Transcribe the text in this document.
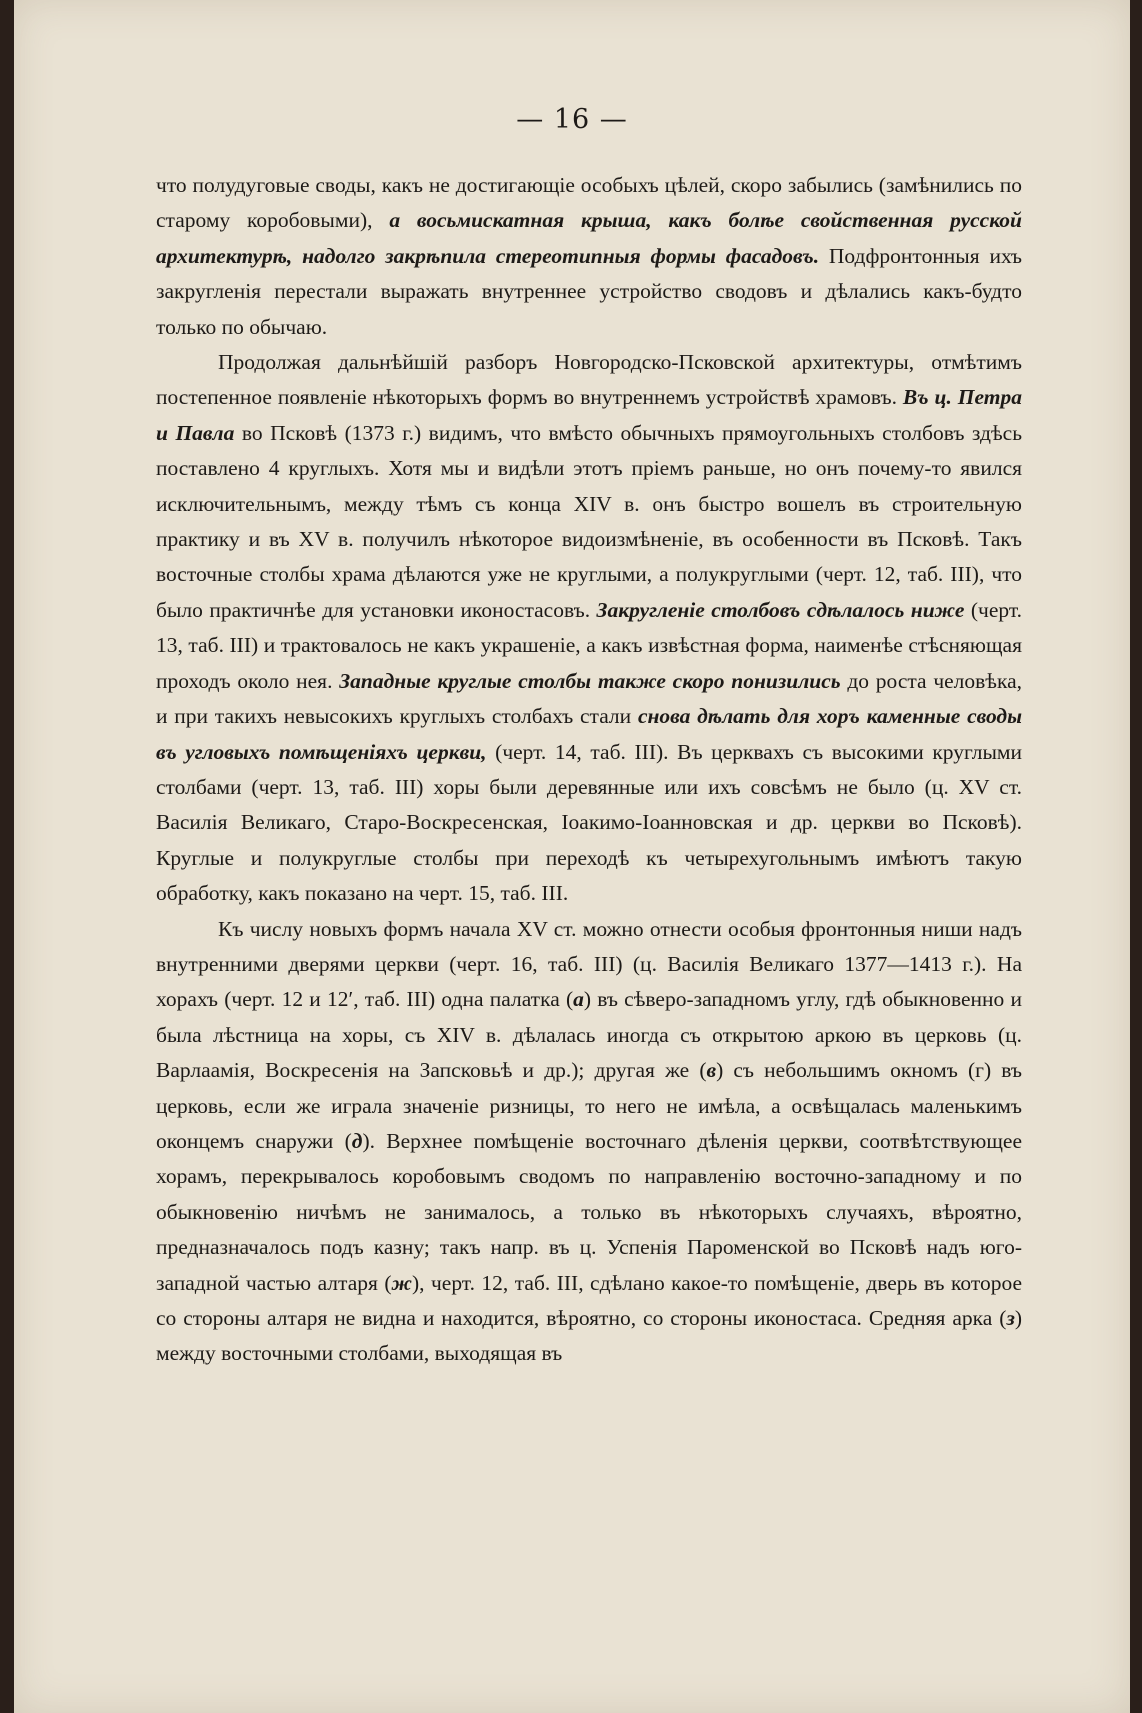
— 16 —

что полудуговые своды, какъ не достигающіе особыхъ цѣлей, скоро забылись (замѣнились по старому коробовыми), а восьмискатная крыша, какъ болѣе свойственная русской архитектурѣ, надолго закрѣпила стереотипныя формы фасадовъ. Подфронтонныя ихъ закругленія перестали выражать внутреннее устройство сводовъ и дѣлались какъ-будто только по обычаю.

Продолжая дальнѣйшій разборъ Новгородско-Псковской архитектуры, отмѣтимъ постепенное появленіе нѣкоторыхъ формъ во внутреннемъ устройствѣ храмовъ. Въ ц. Петра и Павла во Псковѣ (1373 г.) видимъ, что вмѣсто обычныхъ прямоугольныхъ столбовъ здѣсь поставлено 4 круглыхъ. Хотя мы и видѣли этотъ пріемъ раньше, но онъ почему-то явился исключительнымъ, между тѣмъ съ конца XIV в. онъ быстро вошелъ въ строительную практику и въ XV в. получилъ нѣкоторое видоизмѣненіе, въ особенности въ Псковѣ. Такъ восточные столбы храма дѣлаются уже не круглыми, а полукруглыми (черт. 12, таб. III), что было практичнѣе для установки иконостасовъ. Закругленіе столбовъ сдѣлалось ниже (черт. 13, таб. III) и трактовалось не какъ украшеніе, а какъ извѣстная форма, наименѣе стѣсняющая проходъ около нея. Западные круглые столбы также скоро понизились до роста человѣка, и при такихъ невысокихъ круглыхъ столбахъ стали снова дѣлать для хоръ каменные своды въ угловыхъ помѣщеніяхъ церкви, (черт. 14, таб. III). Въ церквахъ съ высокими круглыми столбами (черт. 13, таб. III) хоры были деревянные или ихъ совсѣмъ не было (ц. XV ст. Василія Великаго, Старо-Воскресенская, Іоакимо-Іоанновская и др. церкви во Псковѣ). Круглые и полукруглые столбы при переходѣ къ четырехугольнымъ имѣютъ такую обработку, какъ показано на черт. 15, таб. III.

Къ числу новыхъ формъ начала XV ст. можно отнести особыя фронтонныя ниши надъ внутренними дверями церкви (черт. 16, таб. III) (ц. Василія Великаго 1377—1413 г.). На хорахъ (черт. 12 и 12′, таб. III) одна палатка (а) въ сѣверо-западномъ углу, гдѣ обыкновенно и была лѣстница на хоры, съ XIV в. дѣлалась иногда съ открытою аркою въ церковь (ц. Варлаамія, Воскресенія на Запсковьѣ и др.); другая же (в) съ небольшимъ окномъ (г) въ церковь, если же играла значеніе ризницы, то него не имѣла, а освѣщалась маленькимъ оконцемъ снаружи (д). Верхнее помѣщеніе восточнаго дѣленія церкви, соотвѣтствующее хорамъ, перекрывалось коробовымъ сводомъ по направленію восточно-западному и по обыкновенію ничѣмъ не занималось, а только въ нѣкоторыхъ случаяхъ, вѣроятно, предназначалось подъ казну; такъ напр. въ ц. Успенія Пароменской во Псковѣ надъ юго-западной частью алтаря (ж), черт. 12, таб. III, сдѣлано какое-то помѣщеніе, дверь въ которое со стороны алтаря не видна и находится, вѣроятно, со стороны иконостаса. Средняя арка (з) между восточными столбами, выходящая въ
